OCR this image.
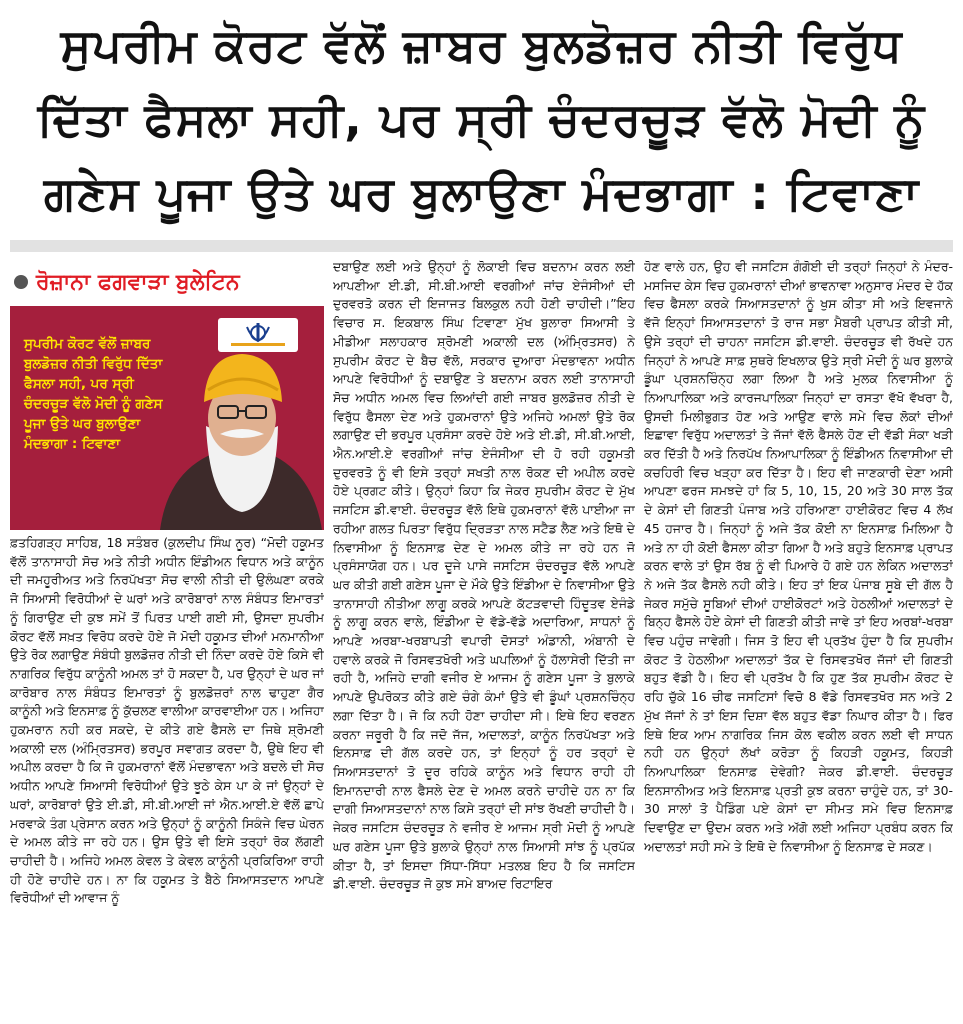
ਸੁਪਰੀਮ ਕੋਰਟ ਵੱਲੋਂ ਜ਼ਾਬਰ ਬੁਲਡੋਜ਼ਰ ਨੀਤੀ ਵਿਰੁੱਧ
ਦਿੱਤਾ ਫੈਸਲਾ ਸਹੀ, ਪਰ ਸ੍ਰੀ ਚੰਦਰਚੂੜ ਵੱਲੋ ਮੋਦੀ ਨੂੰ
ਗਣੇਸ ਪੂਜਾ ਉਤੇ ਘਰ ਬੁਲਾਉਣਾ ਮੰਦਭਾਗਾ : ਟਿਵਾਣਾ
ਰੋਜ਼ਾਨਾ ਫਗਵਾੜਾ ਬੁਲੇਟਿਨ
ਸੁਪਰੀਮ ਕੋਰਟ ਵੱਲੋਂ ਜ਼ਾਬਰ ਬੁਲਡੋਜ਼ਰ ਨੀਤੀ ਵਿਰੁੱਧ ਦਿੱਤਾ ਫੈਸਲਾ ਸਹੀ, ਪਰ ਸ੍ਰੀ ਚੰਦਰਚੂੜ ਵੱਲੋ ਮੋਦੀ ਨੂੰ ਗਣੇਸ ਪੂਜਾ ਉਤੇ ਘਰ ਬੁਲਾਉਣਾ ਮੰਦਭਾਗਾ : ਟਿਵਾਣਾ

ਫ਼ਤਹਿਗੜ੍ਹ ਸਾਹਿਬ, 18 ਸਤੰਬਰ (ਕੁਲਦੀਪ ਸਿੰਘ ਨੂਰ) “ਮੋਦੀ ਹਕੂਮਤ ਵੱਲੋਂ ਤਾਨਾਸਾਹੀ ਸੋਚ ਅਤੇ ਨੀਤੀ ਅਧੀਨ ਇੰਡੀਅਨ ਵਿਧਾਨ ਅਤੇ ਕਾਨੂੰਨ ਦੀ ਜਮਹੂਰੀਅਤ ਅਤੇ ਨਿਰਪੱਖਤਾ ਸੋਚ ਵਾਲੀ ਨੀਤੀ ਦੀ ਉਲੰਘਣਾ ਕਰਕੇ ਜੋ ਸਿਆਸੀ ਵਿਰੋਧੀਆਂ ਦੇ ਘਰਾਂ ਅਤੇ ਕਾਰੋਬਾਰਾਂ ਨਾਲ ਸੰਬੰਧਤ ਇਮਾਰਤਾਂ ਨੂੰ ਗਿਰਾਉਣ ਦੀ ਕੁਝ ਸਮੇਂ ਤੋਂ ਪਿਰਤ ਪਾਈ ਗਈ ਸੀ, ਉਸਦਾ ਸੁਪਰੀਮ ਕੋਰਟ ਵੱਲੋਂ ਸਖ਼ਤ ਵਿਰੋਧ ਕਰਦੇ ਹੋਏ ਜੋ ਮੋਦੀ ਹਕੂਮਤ ਦੀਆਂ ਮਨਮਾਨੀਆ ਉਤੇ ਰੋਕ ਲਗਾਉਣ ਸੰਬੰਧੀ ਬੁਲਡੋਜ਼ਰ ਨੀਤੀ ਦੀ ਨਿੰਦਾ ਕਰਦੇ ਹੋਏ ਕਿਸੇ ਵੀ ਨਾਗਰਿਕ ਵਿਰੁੱਧ ਕਾਨੂੰਨੀ ਅਮਲ ਤਾਂ ਹੋ ਸਕਦਾ ਹੈ, ਪਰ ਉਨ੍ਹਾਂ ਦੇ ਘਰ ਜਾਂ ਕਾਰੋਬਾਰ ਨਾਲ ਸੰਬੰਧਤ ਇਮਾਰਤਾਂ ਨੂੰ ਬੁਲਡੋਜ਼ਰਾਂ ਨਾਲ ਢਾਹੁਣਾ ਗੈਰ ਕਾਨੂੰਨੀ ਅਤੇ ਇਨਸਾਫ਼ ਨੂੰ ਕੁੱਚਲਣ ਵਾਲੀਆ ਕਾਰਵਾਈਆ ਹਨ। ਅਜਿਹਾ ਹੁਕਮਰਾਨ ਨਹੀ ਕਰ ਸਕਦੇ, ਦੇ ਕੀਤੇ ਗਏ ਫੈਸਲੇ ਦਾ ਜਿਥੇ ਸ਼੍ਰੋਮਣੀ ਅਕਾਲੀ ਦਲ (ਅੰਮ੍ਰਿਤਸਰ) ਭਰਪੂਰ ਸਵਾਗਤ ਕਰਦਾ ਹੈ, ਉਥੇ ਇਹ ਵੀ ਅਪੀਲ ਕਰਦਾ ਹੈ ਕਿ ਜੋ ਹੁਕਮਰਾਨਾਂ ਵੱਲੋਂ ਮੰਦਭਾਵਨਾ ਅਤੇ ਬਦਲੇ ਦੀ ਸੋਚ ਅਧੀਨ ਆਪਣੇ ਸਿਆਸੀ ਵਿਰੋਧੀਆਂ ਉਤੇ ਝੂਠੇ ਕੇਸ ਪਾ ਕੇ ਜਾਂ ਉਨ੍ਹਾਂ ਦੇ ਘਰਾਂ, ਕਾਰੋਬਾਰਾਂ ਉਤੇ ਈ.ਡੀ, ਸੀ.ਬੀ.ਆਈ ਜਾਂ ਐਨ.ਆਈ.ਏ ਵੱਲੋਂ ਛਾਪੇ ਮਰਵਾਕੇ ਤੰਗ ਪ੍ਰੇਸਾਨ ਕਰਨ ਅਤੇ ਉਨ੍ਹਾਂ ਨੂੰ ਕਾਨੂੰਨੀ ਸਿਕੰਜੇ ਵਿਚ ਘੇਰਨ ਦੇ ਅਮਲ ਕੀਤੇ ਜਾ ਰਹੇ ਹਨ। ਉਸ ਉਤੇ ਵੀ ਇਸੇ ਤਰ੍ਹਾਂ ਰੋਕ ਲੱਗਣੀ ਚਾਹੀਦੀ ਹੈ। ਅਜਿਹੇ ਅਮਲ ਕੇਵਲ ਤੇ ਕੇਵਲ ਕਾਨੂੰਨੀ ਪ੍ਰਕਿਰਿਆ ਰਾਹੀ ਹੀ ਹੋਣੇ ਚਾਹੀਦੇ ਹਨ। ਨਾ ਕਿ ਹਕੂਮਤ ਤੇ ਬੈਠੇ ਸਿਆਸਤਦਾਨ ਆਪਣੇ ਵਿਰੋਧੀਆਂ ਦੀ ਆਵਾਜ ਨੂੰ

ਦਬਾਉਣ ਲਈ ਅਤੇ ਉਨ੍ਹਾਂ ਨੂੰ ਲੋਕਾਈ ਵਿਚ ਬਦਨਾਮ ਕਰਨ ਲਈ ਆਪਣੀਆ ਈ.ਡੀ, ਸੀ.ਬੀ.ਆਈ ਵਰਗੀਆਂ ਜਾਂਚ ਏਜੰਸੀਆਂ ਦੀ ਦੁਰਵਰਤੋ ਕਰਨ ਦੀ ਇਜਾਜਤ ਬਿਲਕੁਲ ਨਹੀ ਹੋਣੀ ਚਾਹੀਦੀ।”ਇਹ ਵਿਚਾਰ ਸ. ਇਕਬਾਲ ਸਿੰਘ ਟਿਵਾਣਾ ਮੁੱਖ ਬੁਲਾਰਾ ਸਿਆਸੀ ਤੇ ਮੀਡੀਆ ਸਲਾਹਕਾਰ ਸ਼੍ਰੋਮਣੀ ਅਕਾਲੀ ਦਲ (ਅੰਮ੍ਰਿਤਸਰ) ਨੇ ਸੁਪਰੀਮ ਕੋਰਟ ਦੇ ਬੈਚ ਵੱਲੋ, ਸਰਕਾਰ ਦੁਆਰਾ ਮੰਦਭਾਵਨਾ ਅਧੀਨ ਆਪਣੇ ਵਿਰੋਧੀਆਂ ਨੂੰ ਦਬਾਉਣ ਤੇ ਬਦਨਾਮ ਕਰਨ ਲਈ ਤਾਨਾਸਾਹੀ ਸੋਚ ਅਧੀਨ ਅਮਲ ਵਿਚ ਲਿਆਂਦੀ ਗਈ ਜਾਬਰ ਬੁਲਡੋਜ਼ਰ ਨੀਤੀ ਦੇ ਵਿਰੁੱਧ ਫੈਸਲਾ ਦੇਣ ਅਤੇ ਹੁਕਮਰਾਨਾਂ ਉਤੇ ਅਜਿਹੇ ਅਮਲਾਂ ਉਤੇ ਰੋਕ ਲਗਾਉਣ ਦੀ ਭਰਪੂਰ ਪ੍ਰਸੰਸਾ ਕਰਦੇ ਹੋਏ ਅਤੇ ਈ.ਡੀ, ਸੀ.ਬੀ.ਆਈ, ਐਨ.ਆਈ.ਏ ਵਰਗੀਆਂ ਜਾਂਚ ਏਜੰਸੀਆ ਦੀ ਹੋ ਰਹੀ ਹਕੂਮਤੀ ਦੁਰਵਰਤੋ ਨੂੰ ਵੀ ਇਸੇ ਤਰ੍ਹਾਂ ਸਖਤੀ ਨਾਲ ਰੋਕਣ ਦੀ ਅਪੀਲ ਕਰਦੇ ਹੋਏ ਪ੍ਰਗਟ ਕੀਤੇ। ਉਨ੍ਹਾਂ ਕਿਹਾ ਕਿ ਜੇਕਰ ਸੁਪਰੀਮ ਕੋਰਟ ਦੇ ਮੁੱਖ ਜਸਟਿਸ ਡੀ.ਵਾਈ. ਚੰਦਰਚੂੜ ਵੱਲੋ ਇਥੇ ਹੁਕਮਰਾਨਾਂ ਵੱਲੋ ਪਾਈਆ ਜਾ ਰਹੀਆ ਗਲਤ ਪਿਰਤਾ ਵਿਰੁੱਧ ਦ੍ਰਿੜਤਾ ਨਾਲ ਸਟੈਡ ਲੈਣ ਅਤੇ ਇਥੋ ਦੇ ਨਿਵਾਸੀਆ ਨੂੰ ਇਨਸਾਫ਼ ਦੇਣ ਦੇ ਅਮਲ ਕੀਤੇ ਜਾ ਰਹੇ ਹਨ ਜੋ ਪ੍ਰਸੰਸਾਯੋਗ ਹਨ। ਪਰ ਦੂਜੇ ਪਾਸੇ ਜਸਟਿਸ ਚੰਦਰਚੂੜ ਵੱਲੋ ਆਪਣੇ ਘਰ ਕੀਤੀ ਗਈ ਗਣੇਸ ਪੂਜਾ ਦੇ ਮੌਕੇ ਉਤੇ ਇੰਡੀਆ ਦੇ ਨਿਵਾਸੀਆ ਉਤੇ ਤਾਨਾਸਾਹੀ ਨੀਤੀਆ ਲਾਗੂ ਕਰਕੇ ਆਪਣੇ ਕੱਟੜਵਾਦੀ ਹਿੰਦੂਤਵ ਏਜੰਡੇ ਨੂੰ ਲਾਗੂ ਕਰਨ ਵਾਲੇ, ਇੰਡੀਆ ਦੇ ਵੱਡੇ-ਵੱਡੇ ਅਦਾਰਿਆ, ਸਾਧਨਾਂ ਨੂੰ ਆਪਣੇ ਅਰਬਾ-ਖਰਬਾਪਤੀ ਵਪਾਰੀ ਦੋਸਤਾਂ ਅੰਡਾਨੀ, ਅੰਬਾਨੀ ਦੇ ਹਵਾਲੇ ਕਰਕੇ ਜੋ ਰਿਸਵਤਖੋਰੀ ਅਤੇ ਘਪਲਿਆਂ ਨੂੰ ਹੱਲਾਸੇਰੀ ਦਿੱਤੀ ਜਾ ਰਹੀ ਹੈ, ਅਜਿਹੇ ਦਾਗੀ ਵਜੀਰ ਏ ਆਜਮ ਨੂੰ ਗਣੇਸ ਪੂਜਾ ਤੇ ਬੁਲਾਕੇ ਆਪਣੇ ਉਪਰੋਕਤ ਕੀਤੇ ਗਏ ਚੰਗੇ ਕੰਮਾਂ ਉਤੇ ਵੀ ਡੂੰਘਾਂ ਪ੍ਰਸ਼ਨਚਿੰਨ੍ਹ ਲਗਾ ਦਿੱਤਾ ਹੈ। ਜੋ ਕਿ ਨਹੀ ਹੋਣਾ ਚਾਹੀਦਾ ਸੀ। ਇਥੇ ਇਹ ਵਰਣਨ ਕਰਨਾ ਜਰੂਰੀ ਹੈ ਕਿ ਜਦੋ ਜੱਜ, ਅਦਾਲਤਾਂ, ਕਾਨੂੰਨ ਨਿਰਪੱਖਤਾ ਅਤੇ ਇਨਸਾਫ਼ ਦੀ ਗੱਲ ਕਰਦੇ ਹਨ, ਤਾਂ ਇਨ੍ਹਾਂ ਨੂੰ ਹਰ ਤਰ੍ਹਾਂ ਦੇ ਸਿਆਸਤਦਾਨਾਂ ਤੋ ਦੂਰ ਰਹਿਕੇ ਕਾਨੂੰਨ ਅਤੇ ਵਿਧਾਨ ਰਾਹੀ ਹੀ ਇਮਾਨਦਾਰੀ ਨਾਲ ਫੈਸਲੇ ਦੇਣ ਦੇ ਅਮਲ ਕਰਨੇ ਚਾਹੀਦੇ ਹਨ ਨਾ ਕਿ ਦਾਗੀ ਸਿਆਸਤਦਾਨਾਂ ਨਾਲ ਕਿਸੇ ਤਰ੍ਹਾਂ ਦੀ ਸਾਂਝ ਰੱਖਣੀ ਚਾਹੀਦੀ ਹੈ। ਜੇਕਰ ਜਸਟਿਸ ਚੰਦਰਚੂੜ ਨੇ ਵਜੀਰ ਏ ਆਜਮ ਸ੍ਰੀ ਮੋਦੀ ਨੂੰ ਆਪਣੇ ਘਰ ਗਣੇਸ ਪੂਜਾ ਉਤੇ ਬੁਲਾਕੇ ਉਨ੍ਹਾਂ ਨਾਲ ਸਿਆਸੀ ਸਾਂਝ ਨੂੰ ਪ੍ਰਪੱਕ ਕੀਤਾ ਹੈ, ਤਾਂ ਇਸਦਾ ਸਿੱਧਾ-ਸਿੱਧਾ ਮਤਲਬ ਇਹ ਹੈ ਕਿ ਜਸਟਿਸ ਡੀ.ਵਾਈ. ਚੰਦਰਚੂੜ ਜੋ ਕੁਝ ਸਮੇ ਬਾਅਦ ਰਿਟਾਇਰ

ਹੋਣ ਵਾਲੇ ਹਨ, ਉਹ ਵੀ ਜਸਟਿਸ ਗੰਗੋਈ ਦੀ ਤਰ੍ਹਾਂ ਜਿਨ੍ਹਾਂ ਨੇ ਮੰਦਰ-ਮਸਜਿਦ ਕੇਸ ਵਿਚ ਹੁਕਮਰਾਨਾਂ ਦੀਆਂ ਭਾਵਨਾਵਾ ਅਨੁਸਾਰ ਮੰਦਰ ਦੇ ਹੱਕ ਵਿਚ ਫੈਸਲਾ ਕਰਕੇ ਸਿਆਸਤਦਾਨਾਂ ਨੂੰ ਖੁਸ ਕੀਤਾ ਸੀ ਅਤੇ ਇਵਜਾਨੇ ਵੱਜੋ ਇਨ੍ਹਾਂ ਸਿਆਸਤਦਾਨਾਂ ਤੋ ਰਾਜ ਸਭਾ ਮੈਬਰੀ ਪ੍ਰਾਪਤ ਕੀਤੀ ਸੀ, ਉਸੇ ਤਰ੍ਹਾਂ ਦੀ ਚਾਹਨਾ ਜਸਟਿਸ ਡੀ.ਵਾਈ. ਚੰਦਰਚੂੜ ਵੀ ਰੱਖਦੇ ਹਨ ਜਿਨ੍ਹਾਂ ਨੇ ਆਪਣੇ ਸਾਫ਼ ਸੁਥਰੇ ਇਖਲਾਕ ਉਤੇ ਸ੍ਰੀ ਮੋਦੀ ਨੂੰ ਘਰ ਬੁਲਾਕੇ ਡੂੰਘਾ ਪ੍ਰਸ਼ਨਚਿੰਨ੍ਹ ਲਗਾ ਲਿਆ ਹੈ ਅਤੇ ਮੁਲਕ ਨਿਵਾਸੀਆ ਨੂੰ ਨਿਆਪਾਲਿਕਾ ਅਤੇ ਕਾਰਜਪਾਲਿਕਾ ਜਿਨ੍ਹਾਂ ਦਾ ਰਸਤਾ ਵੱਖੋ ਵੱਖਰਾ ਹੈ, ਉਸਦੀ ਮਿਲੀਭੁਗਤ ਹੋਣ ਅਤੇ ਆਉਣ ਵਾਲੇ ਸਮੇ ਵਿਚ ਲੋਕਾਂ ਦੀਆਂ ਇਛਾਵਾ ਵਿਰੁੱਧ ਅਦਾਲਤਾਂ ਤੇ ਜੱਜਾਂ ਵੱਲੋ ਫੈਸਲੇ ਹੋਣ ਦੀ ਵੱਡੀ ਸੰਕਾ ਖੜੀ ਕਰ ਦਿੱਤੀ ਹੈ ਅਤੇ ਨਿਰਪੱਖ ਨਿਆਪਾਲਿਕਾ ਨੂੰ ਇੰਡੀਅਨ ਨਿਵਾਸੀਆ ਦੀ ਕਚਹਿਰੀ ਵਿਚ ਖੜ੍ਹਾ ਕਰ ਦਿੱਤਾ ਹੈ। ਇਹ ਵੀ ਜਾਣਕਾਰੀ ਦੇਣਾ ਅਸੀ ਆਪਣਾ ਫਰਜ ਸਮਝਦੇ ਹਾਂ ਕਿ 5, 10, 15, 20 ਅਤੇ 30 ਸਾਲ ਤੱਕ ਦੇ ਕੇਸਾਂ ਦੀ ਗਿਣਤੀ ਪੰਜਾਬ ਅਤੇ ਹਰਿਆਣਾ ਹਾਈਕੋਰਟ ਵਿਚ 4 ਲੱਖ 45 ਹਜਾਰ ਹੈ। ਜਿਨ੍ਹਾਂ ਨੂੰ ਅਜੇ ਤੱਕ ਕੋਈ ਨਾ ਇਨਸਾਫ਼ ਮਿਲਿਆ ਹੈ ਅਤੇ ਨਾ ਹੀ ਕੋਈ ਫੈਸਲਾ ਕੀਤਾ ਗਿਆ ਹੈ ਅਤੇ ਬਹੁਤੇ ਇਨਸਾਫ਼ ਪ੍ਰਾਪਤ ਕਰਨ ਵਾਲੇ ਤਾਂ ਉਸ ਰੱਬ ਨੂੰ ਵੀ ਪਿਆਰੇ ਹੋ ਗਏ ਹਨ ਲੇਕਿਨ ਅਦਾਲਤਾਂ ਨੇ ਅਜੇ ਤੱਕ ਫੈਸਲੇ ਨਹੀ ਕੀਤੇ। ਇਹ ਤਾਂ ਇਕ ਪੰਜਾਬ ਸੂਬੇ ਦੀ ਗੱਲ ਹੈ ਜੇਕਰ ਸਮੁੱਚੇ ਸੂਬਿਆਂ ਦੀਆਂ ਹਾਈਕੋਰਟਾਂ ਅਤੇ ਹੇਠਲੀਆਂ ਅਦਾਲਤਾਂ ਦੇ ਬਿਨ੍ਹ ਫੈਸਲੇ ਹੋਏ ਕੇਸਾਂ ਦੀ ਗਿਣਤੀ ਕੀਤੀ ਜਾਵੇ ਤਾਂ ਇਹ ਅਰਬਾਂ-ਖਰਬਾ ਵਿਚ ਪਹੁੰਚ ਜਾਵੇਗੀ। ਜਿਸ ਤੋ ਇਹ ਵੀ ਪ੍ਰਤੱਖ ਹੁੰਦਾ ਹੈ ਕਿ ਸੁਪਰੀਮ ਕੋਰਟ ਤੋ ਹੇਠਲੀਆ ਅਦਾਲਤਾਂ ਤੱਕ ਦੇ ਰਿਸਵਤਖੋਰ ਜੱਜਾਂ ਦੀ ਗਿਣਤੀ ਬਹੁਤ ਵੱਡੀ ਹੈ। ਇਹ ਵੀ ਪ੍ਰਤੱਖ ਹੈ ਕਿ ਹੁਣ ਤੱਕ ਸੁਪਰੀਮ ਕੋਰਟ ਦੇ ਰਹਿ ਚੁੱਕੇ 16 ਚੀਫ ਜਸਟਿਸਾਂ ਵਿਚੋ 8 ਵੱਡੇ ਰਿਸਵਤਖੋਰ ਸਨ ਅਤੇ 2 ਮੁੱਖ ਜੱਜਾਂ ਨੇ ਤਾਂ ਇਸ ਦਿਸ਼ਾ ਵੱਲ ਬਹੁਤ ਵੱਡਾ ਨਿਘਾਰ ਕੀਤਾ ਹੈ। ਫਿਰ ਇਥੇ ਇਕ ਆਮ ਨਾਗਰਿਕ ਜਿਸ ਕੋਲ ਵਕੀਲ ਕਰਨ ਲਈ ਵੀ ਸਾਧਨ ਨਹੀ ਹਨ ਉਨ੍ਹਾਂ ਲੱਖਾਂ ਕਰੋੜਾ ਨੂੰ ਕਿਹੜੀ ਹਕੂਮਤ, ਕਿਹੜੀ ਨਿਆਪਾਲਿਕਾ ਇਨਸਾਫ਼ ਦੇਵੇਗੀ? ਜੇਕਰ ਡੀ.ਵਾਈ. ਚੰਦਰਚੂੜ ਇਨਸਾਨੀਅਤ ਅਤੇ ਇਨਸਾਫ਼ ਪ੍ਰਤੀ ਕੁਝ ਕਰਨਾ ਚਾਹੁੰਦੇ ਹਨ, ਤਾਂ 30-30 ਸਾਲਾਂ ਤੋ ਪੈਡਿੰਗ ਪਏ ਕੇਸਾਂ ਦਾ ਸੀਮਤ ਸਮੇ ਵਿਚ ਇਨਸਾਫ਼ ਦਿਵਾਉਣ ਦਾ ਉਦਮ ਕਰਨ ਅਤੇ ਅੱਗੋ ਲਈ ਅਜਿਹਾ ਪ੍ਰਬੰਧ ਕਰਨ ਕਿ ਅਦਾਲਤਾਂ ਸਹੀ ਸਮੇ ਤੇ ਇਥੋ ਦੇ ਨਿਵਾਸੀਆ ਨੂੰ ਇਨਸਾਫ਼ ਦੇ ਸਕਣ।
